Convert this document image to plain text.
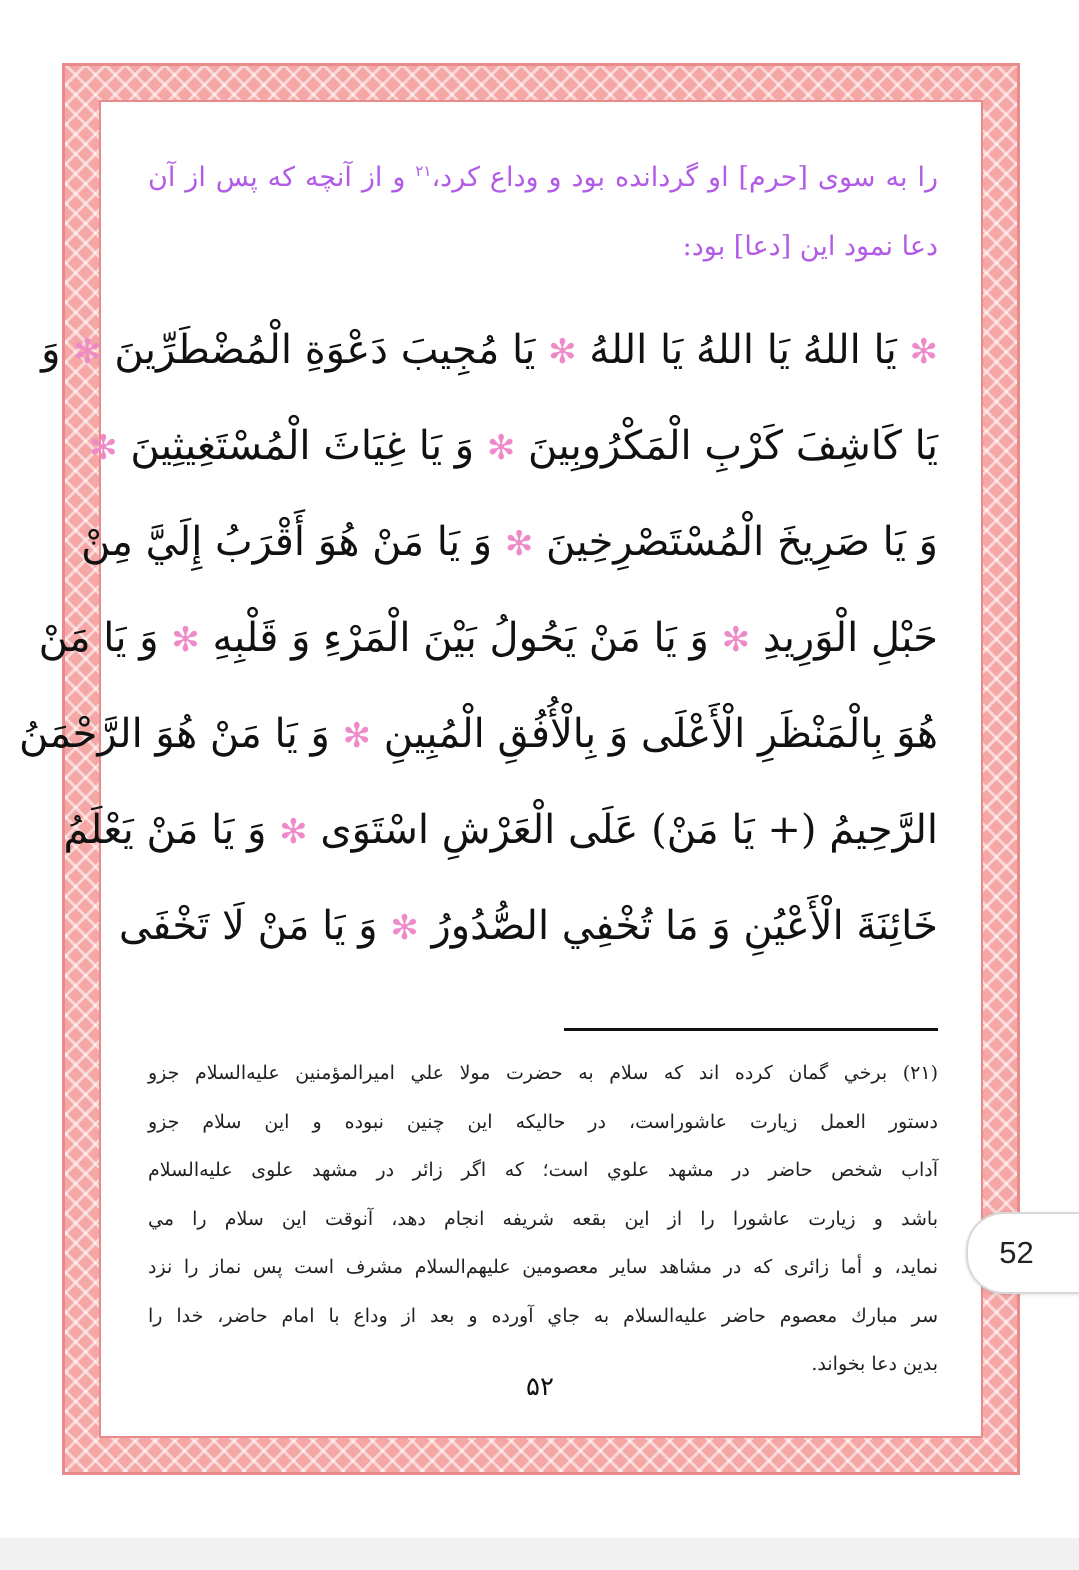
را به سوی [حرم] او گردانده بود و وداع کرد،$^{۲۱}$ و از آنچه که پس از آن
دعا نمود این [دعا] بود:
✻ يَا اللهُ يَا اللهُ يَا اللهُ ✻ يَا مُجِيبَ دَعْوَةِ الْمُضْطَرِّينَ ✻ وَ
يَا كَاشِفَ كَرْبِ الْمَكْرُوبِينَ ✻ وَ يَا غِيَاثَ الْمُسْتَغِيثِينَ ✻
وَ يَا صَرِيخَ الْمُسْتَصْرِخِينَ ✻ وَ يَا مَنْ هُوَ أَقْرَبُ إِلَيَّ مِنْ
حَبْلِ الْوَرِيدِ ✻ وَ يَا مَنْ يَحُولُ بَيْنَ الْمَرْءِ وَ قَلْبِهِ ✻ وَ يَا مَنْ
هُوَ بِالْمَنْظَرِ الْأَعْلَى وَ بِالْأُفُقِ الْمُبِينِ ✻ وَ يَا مَنْ هُوَ الرَّحْمَنُ
الرَّحِيمُ (+ يَا مَنْ) عَلَى الْعَرْشِ اسْتَوَى ✻ وَ يَا مَنْ يَعْلَمُ
خَائِنَةَ الْأَعْيُنِ وَ مَا تُخْفِي الصُّدُورُ ✻ وَ يَا مَنْ لَا تَخْفَى
(۲۱) برخي گمان كرده اند كه سلام به حضرت مولا علي اميرالمؤمنين عليه‌السلام جزو
دستور العمل زيارت عاشوراست، در حاليكه اين چنين نبوده و اين سلام جزو
آداب شخص حاضر در مشهد علوي است؛ كه اگر زائر در مشهد علوی عليه‌السلام
باشد و زيارت عاشورا را از اين بقعه شريفه انجام دهد، آنوقت اين سلام را مي
نمايد، و أما زائرى كه در مشاهد ساير معصومين عليهم‌السلام مشرف است پس نماز را نزد
سر مبارك معصوم حاضر عليه‌السلام به جاي آورده و بعد از وداع با امام حاضر، خدا را
بدين دعا بخواند.
۵۲
52
